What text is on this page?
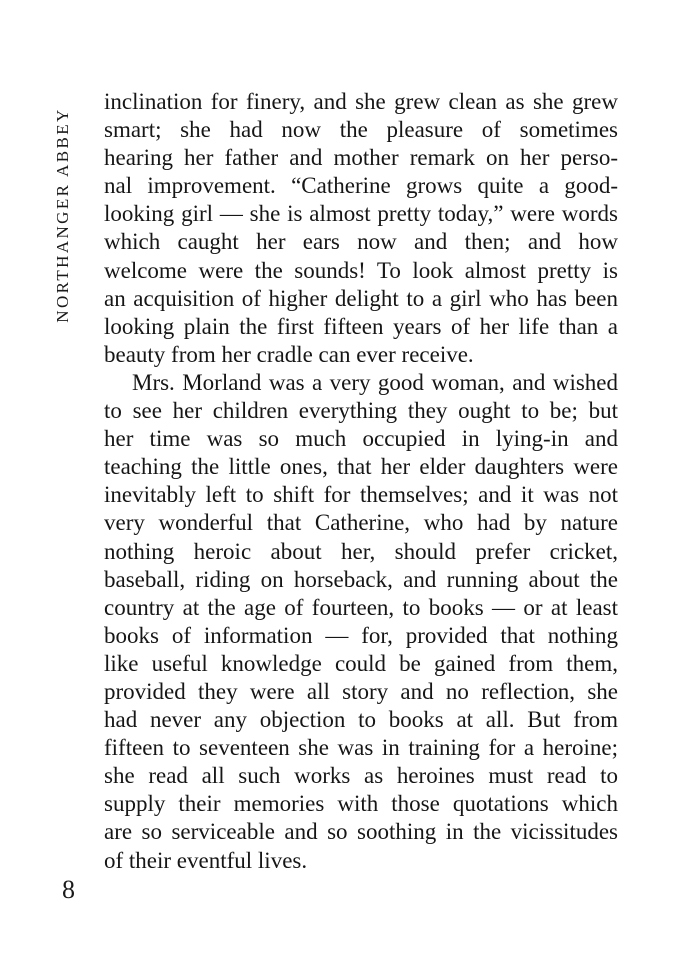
NORTHANGER ABBEY
inclination for finery, and she grew clean as she grew
smart; she had now the pleasure of sometimes
hearing her father and mother remark on her perso-
nal improvement. “Catherine grows quite a good-
looking girl — she is almost pretty today,” were words
which caught her ears now and then; and how
welcome were the sounds! To look almost pretty is
an acquisition of higher delight to a girl who has been
looking plain the first fifteen years of her life than a
beauty from her cradle can ever receive.
Mrs. Morland was a very good woman, and wished
to see her children everything they ought to be; but
her time was so much occupied in lying-in and
teaching the little ones, that her elder daughters were
inevitably left to shift for themselves; and it was not
very wonderful that Catherine, who had by nature
nothing heroic about her, should prefer cricket,
baseball, riding on horseback, and running about the
country at the age of fourteen, to books — or at least
books of information — for, provided that nothing
like useful knowledge could be gained from them,
provided they were all story and no reflection, she
had never any objection to books at all. But from
fifteen to seventeen she was in training for a heroine;
she read all such works as heroines must read to
supply their memories with those quotations which
are so serviceable and so soothing in the vicissitudes
of their eventful lives.
8
